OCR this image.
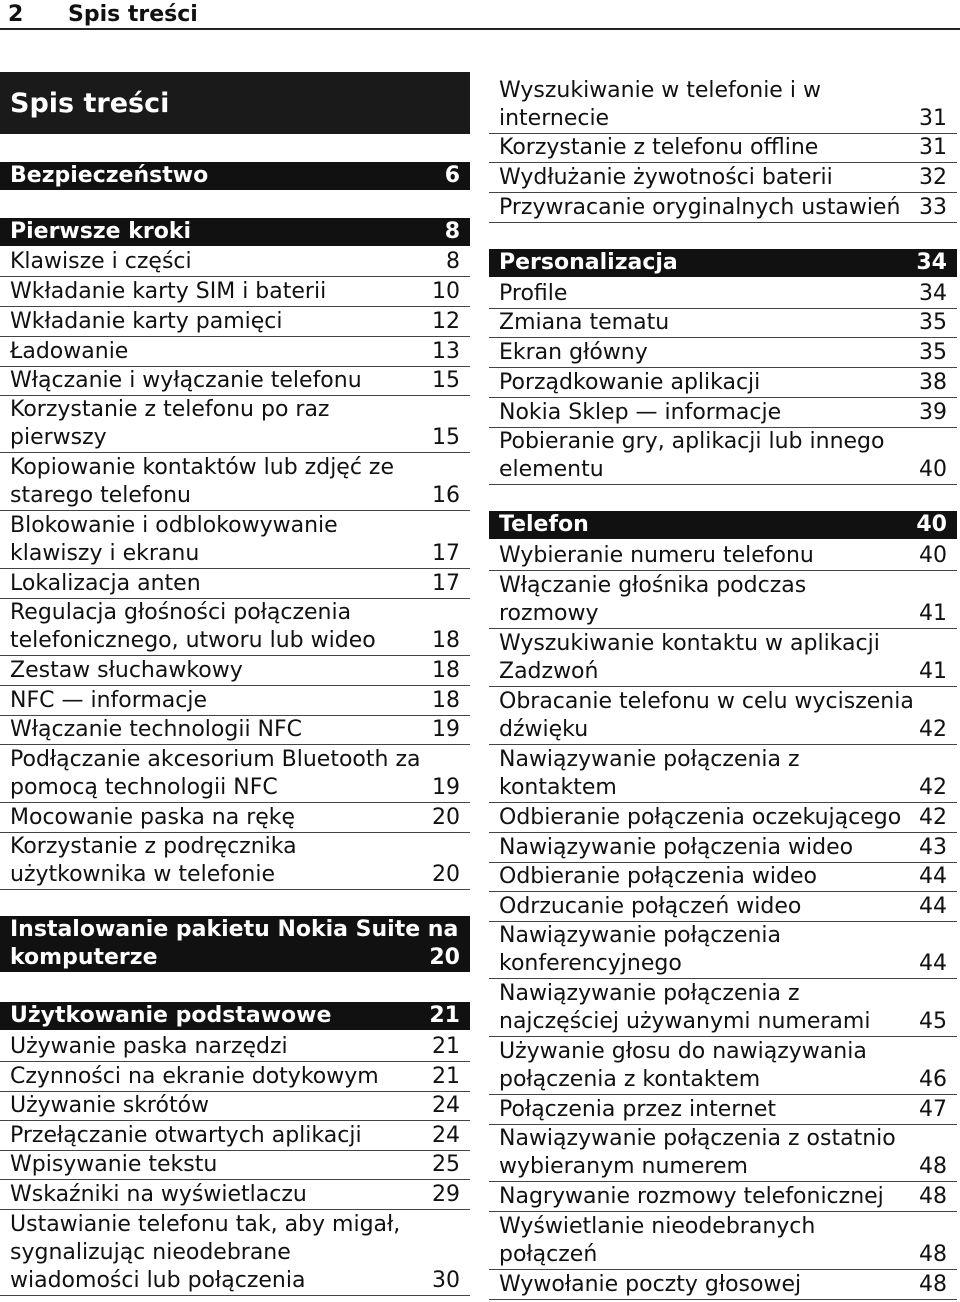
2	Spis treści
Spis treści
Bezpieczeństwo	6
Pierwsze kroki	8
Klawisze i części	8
Wkładanie karty SIM i baterii	10
Wkładanie karty pamięci	12
Ładowanie	13
Włączanie i wyłączanie telefonu	15
Korzystanie z telefonu po raz
pierwszy	15
Kopiowanie kontaktów lub zdjęć ze
starego telefonu	16
Blokowanie i odblokowywanie
klawiszy i ekranu	17
Lokalizacja anten	17
Regulacja głośności połączenia
telefonicznego, utworu lub wideo	18
Zestaw słuchawkowy	18
NFC — informacje	18
Włączanie technologii NFC	19
Podłączanie akcesorium Bluetooth za
pomocą technologii NFC	19
Mocowanie paska na rękę	20
Korzystanie z podręcznika
użytkownika w telefonie	20
Instalowanie pakietu Nokia Suite na
komputerze	20
Użytkowanie podstawowe	21
Używanie paska narzędzi	21
Czynności na ekranie dotykowym	21
Używanie skrótów	24
Przełączanie otwartych aplikacji	24
Wpisywanie tekstu	25
Wskaźniki na wyświetlaczu	29
Ustawianie telefonu tak, aby migał,
sygnalizując nieodebrane
wiadomości lub połączenia	30
Wyszukiwanie w telefonie i w
internecie	31
Korzystanie z telefonu offline	31
Wydłużanie żywotności baterii	32
Przywracanie oryginalnych ustawień 33
Personalizacja	34
Profile	34
Zmiana tematu	35
Ekran główny	35
Porządkowanie aplikacji	38
Nokia Sklep — informacje	39
Pobieranie gry, aplikacji lub innego
elementu	40
Telefon	40
Wybieranie numeru telefonu	40
Włączanie głośnika podczas
rozmowy	41
Wyszukiwanie kontaktu w aplikacji
Zadzwoń	41
Obracanie telefonu w celu wyciszenia
dźwięku	42
Nawiązywanie połączenia z
kontaktem	42
Odbieranie połączenia oczekującego 42
Nawiązywanie połączenia wideo	43
Odbieranie połączenia wideo	44
Odrzucanie połączeń wideo	44
Nawiązywanie połączenia
konferencyjnego	44
Nawiązywanie połączenia z
najczęściej używanymi numerami	45
Używanie głosu do nawiązywania
połączenia z kontaktem	46
Połączenia przez internet	47
Nawiązywanie połączenia z ostatnio
wybieranym numerem	48
Nagrywanie rozmowy telefonicznej	48
Wyświetlanie nieodebranych
połączeń	48
Wywołanie poczty głosowej	48
